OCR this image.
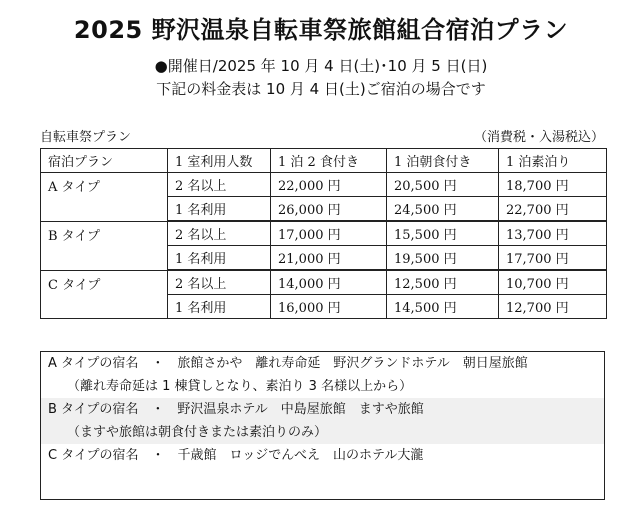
2025 野沢温泉自転車祭旅館組合宿泊プラン
●開催日/2025 年 10 月 4 日(土)･10 月 5 日(日)
下記の料金表は 10 月 4 日(土)ご宿泊の場合です
自転車祭プラン	（消費税・入湯税込）
宿泊プラン	1 室利用人数	1 泊 2 食付き	1 泊朝食付き	1 泊素泊り
A タイプ	2 名以上	22,000 円	20,500 円	18,700 円
	1 名利用	26,000 円	24,500 円	22,700 円
B タイプ	2 名以上	17,000 円	15,500 円	13,700 円
	1 名利用	21,000 円	19,500 円	17,700 円
C タイプ	2 名以上	14,000 円	12,500 円	10,700 円
	1 名利用	16,000 円	14,500 円	12,700 円
A タイプの宿名　・　旅館さかや　離れ寿命延　野沢グランドホテル　朝日屋旅館
（離れ寿命延は 1 棟貸しとなり、素泊り 3 名様以上から）
B タイプの宿名　・　野沢温泉ホテル　中島屋旅館　ますや旅館
（ますや旅館は朝食付きまたは素泊りのみ）
C タイプの宿名　・　千歳館　ロッジでんべえ　山のホテル大瀧
